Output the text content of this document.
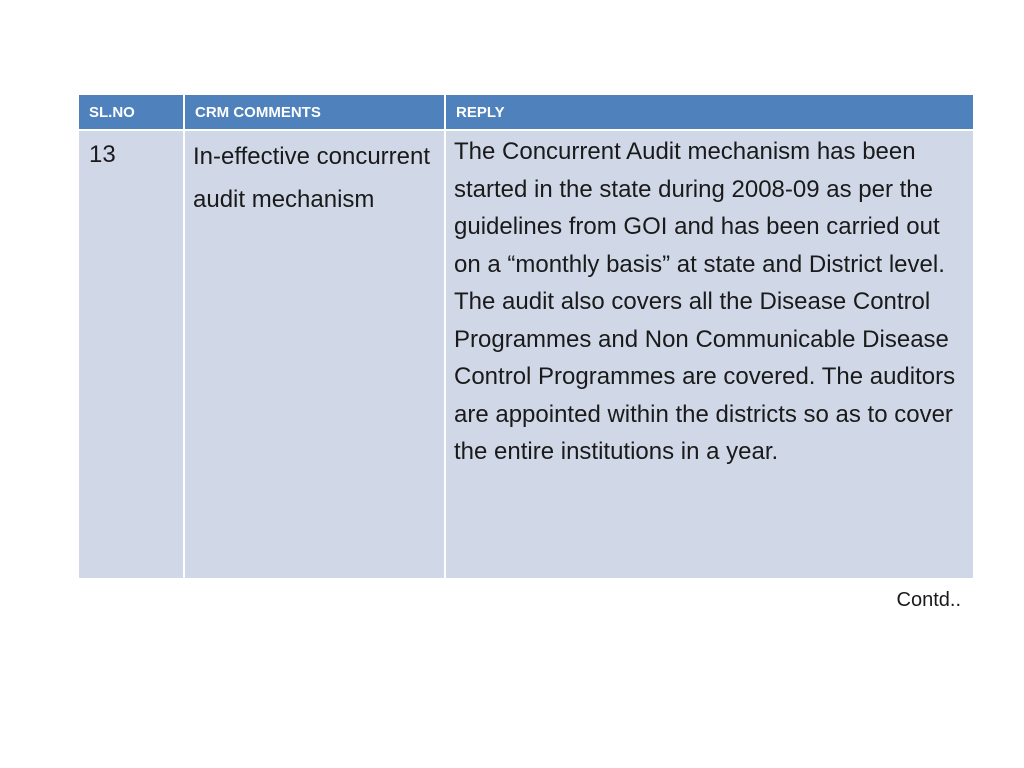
SL.NO	CRM COMMENTS	REPLY
13	In-effective concurrent audit mechanism	The Concurrent Audit mechanism has been started in the state during 2008-09 as per the guidelines from GOI and has been carried out on a “monthly basis” at state and District level. The audit also covers all the Disease Control Programmes and Non Communicable Disease Control Programmes are covered. The auditors are appointed within the districts so as to cover the entire institutions in a year.
Contd..
